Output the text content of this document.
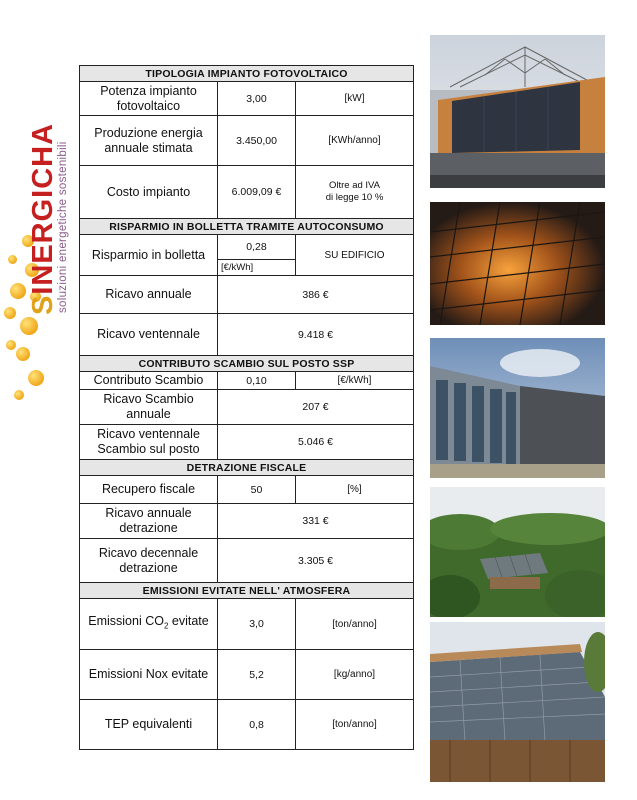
SINERGICHA
soluzioni energetiche sostenibili
TIPOLOGIA IMPIANTO FOTOVOLTAICO		
Potenza impianto
fotovoltaico	3,00	[kW]
Produzione energia
annuale stimata	3.450,00	[KWh/anno]
Costo impianto	6.009,09 €	Oltre ad IVA
di legge 10 %
RISPARMIO IN BOLLETTA TRAMITE AUTOCONSUMO		
Risparmio in bolletta	0,28	SU EDIFICIO
	[€/kWh]	
Ricavo annuale	386 €	
Ricavo ventennale	9.418 €	
CONTRIBUTO SCAMBIO SUL POSTO SSP		
Contributo Scambio	0,10	[€/kWh]
Ricavo Scambio
annuale	207 €	
Ricavo ventennale
Scambio sul posto	5.046 €	
DETRAZIONE FISCALE		
Recupero fiscale	50	[%]
Ricavo annuale
detrazione	331 €	
Ricavo decennale
detrazione	3.305 €	
EMISSIONI EVITATE NELL' ATMOSFERA		
Emissioni $CO_2$ evitate	3,0	[ton/anno]
Emissioni Nox evitate	5,2	[kg/anno]
TEP equivalenti	0,8	[ton/anno]
